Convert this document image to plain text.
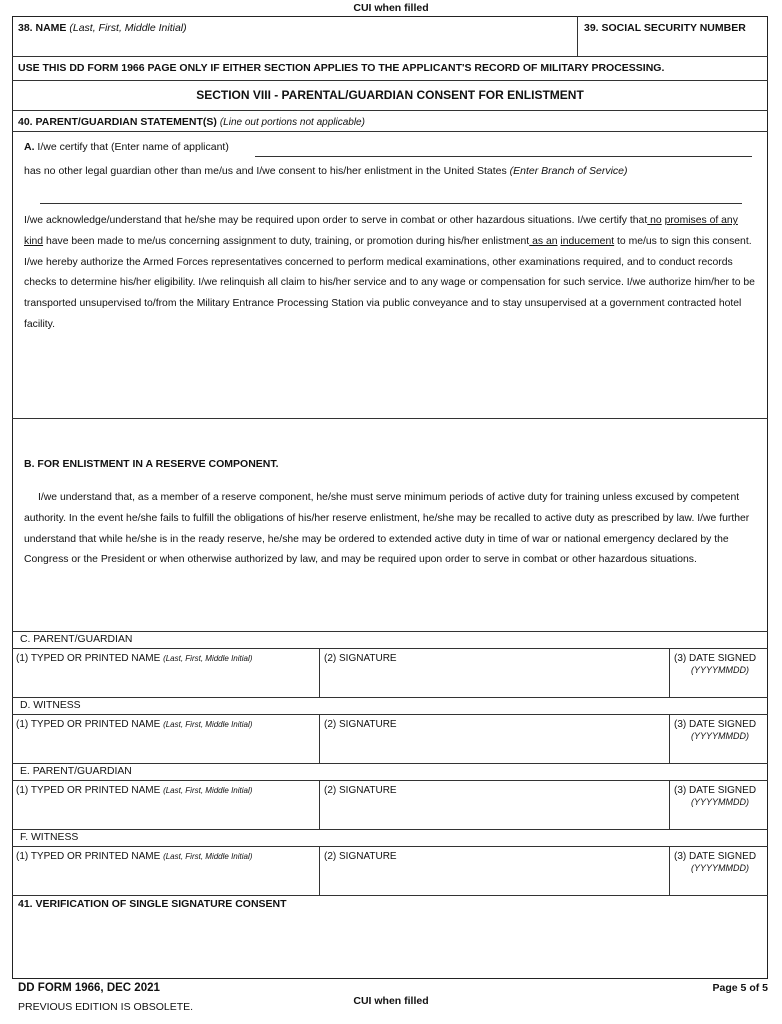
CUI when filled
38. NAME (Last, First, Middle Initial)	39. SOCIAL SECURITY NUMBER
USE THIS DD FORM 1966 PAGE ONLY IF EITHER SECTION APPLIES TO THE APPLICANT'S RECORD OF MILITARY PROCESSING.
SECTION VIII - PARENTAL/GUARDIAN CONSENT FOR ENLISTMENT
40. PARENT/GUARDIAN STATEMENT(S) (Line out portions not applicable)
A. I/we certify that (Enter name of applicant)
has no other legal guardian other than me/us and I/we consent to his/her enlistment in the United States (Enter Branch of Service)
I/we acknowledge/understand that he/she may be required upon order to serve in combat or other hazardous situations. I/we certify that no promises of any kind have been made to me/us concerning assignment to duty, training, or promotion during his/her enlistment as an inducement to me/us to sign this consent. I/we hereby authorize the Armed Forces representatives concerned to perform medical examinations, other examinations required, and to conduct records checks to determine his/her eligibility. I/we relinquish all claim to his/her service and to any wage or compensation for such service. I/we authorize him/her to be transported unsupervised to/from the Military Entrance Processing Station via public conveyance and to stay unsupervised at a government contracted hotel facility.
B. FOR ENLISTMENT IN A RESERVE COMPONENT.
I/we understand that, as a member of a reserve component, he/she must serve minimum periods of active duty for training unless excused by competent authority. In the event he/she fails to fulfill the obligations of his/her reserve enlistment, he/she may be recalled to active duty as prescribed by law. I/we further understand that while he/she is in the ready reserve, he/she may be ordered to extended active duty in time of war or national emergency declared by the Congress or the President or when otherwise authorized by law, and may be required upon order to serve in combat or other hazardous situations.
C. PARENT/GUARDIAN
(1) TYPED OR PRINTED NAME (Last, First, Middle Initial)	(2) SIGNATURE	(3) DATE SIGNED
(YYYYMMDD)
D. WITNESS
(1) TYPED OR PRINTED NAME (Last, First, Middle Initial)	(2) SIGNATURE	(3) DATE SIGNED
(YYYYMMDD)
E. PARENT/GUARDIAN
(1) TYPED OR PRINTED NAME (Last, First, Middle Initial)	(2) SIGNATURE	(3) DATE SIGNED
(YYYYMMDD)
F. WITNESS
(1) TYPED OR PRINTED NAME (Last, First, Middle Initial)	(2) SIGNATURE	(3) DATE SIGNED
(YYYYMMDD)
41. VERIFICATION OF SINGLE SIGNATURE CONSENT
DD FORM 1966, DEC 2021
PREVIOUS EDITION IS OBSOLETE.	CUI when filled
Page 5 of 5
